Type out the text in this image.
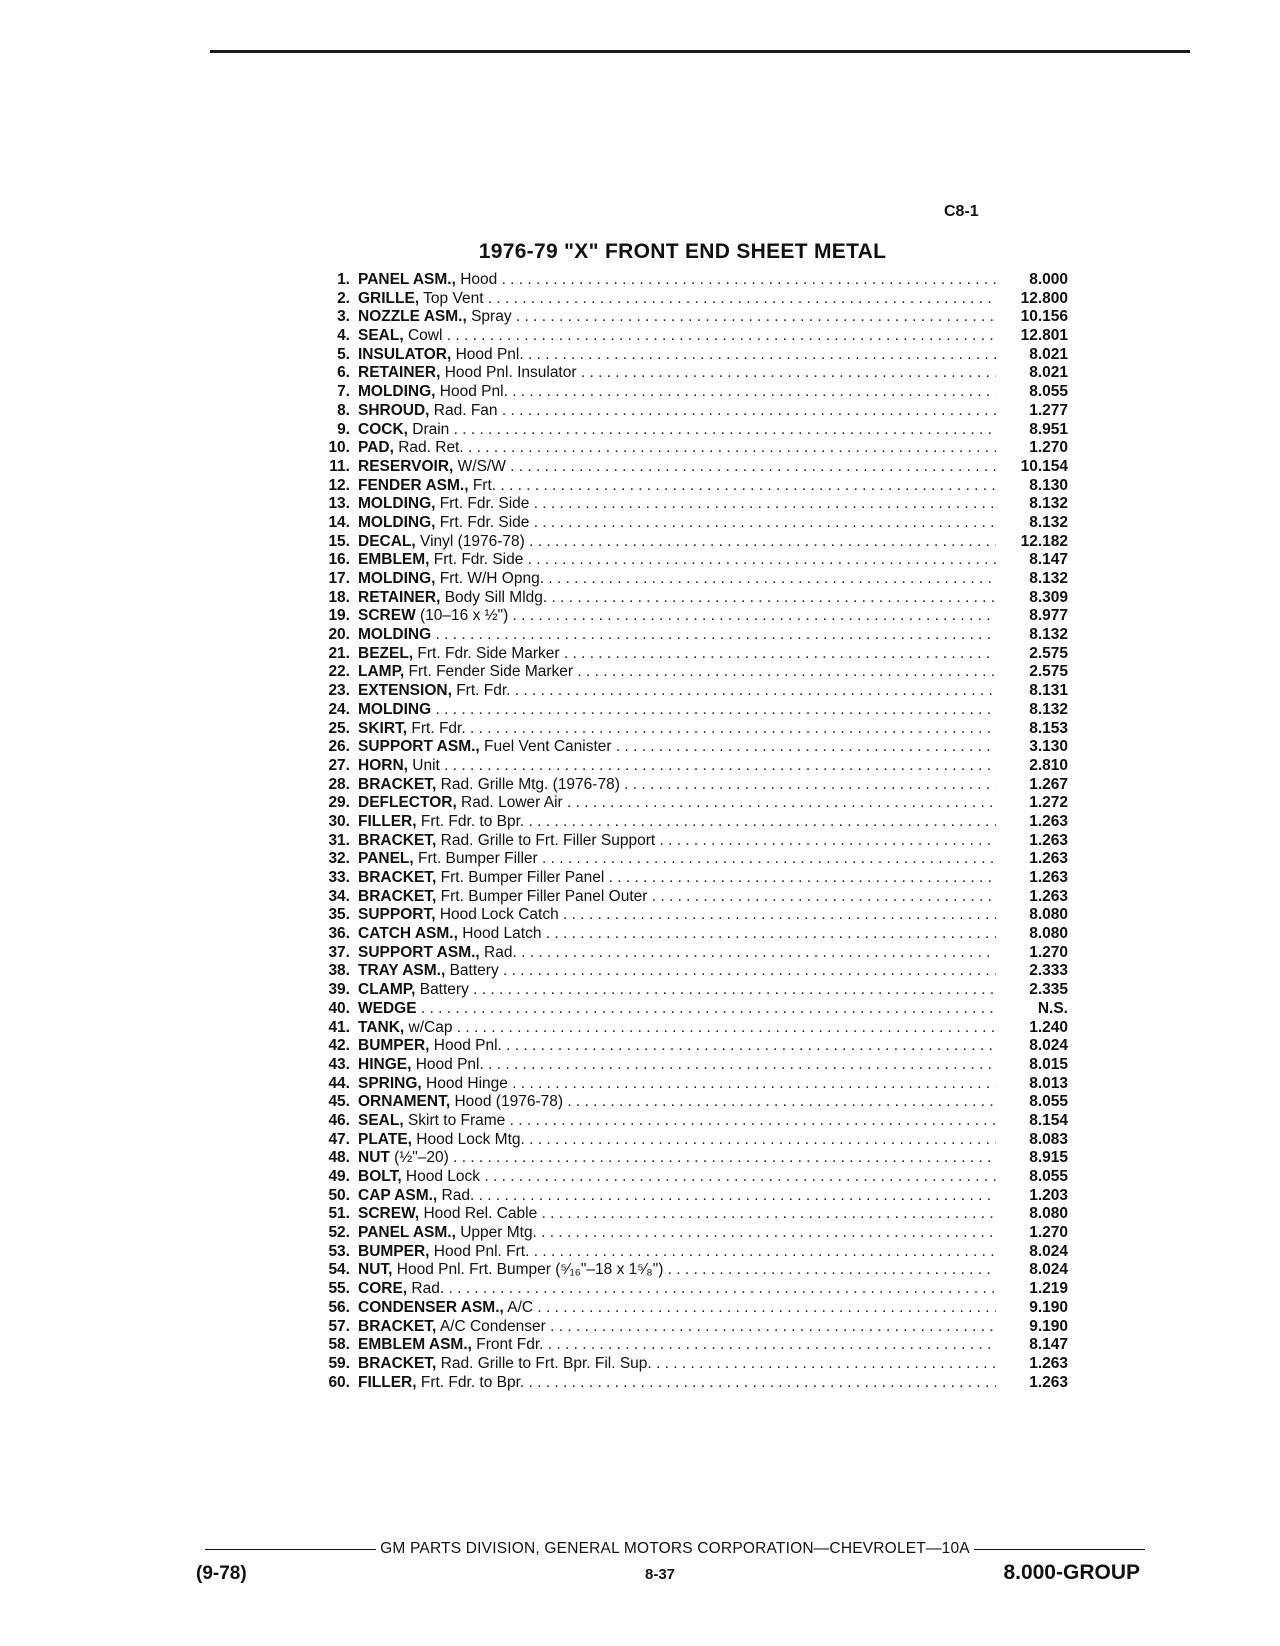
C8-1
1976-79 "X" FRONT END SHEET METAL
1. PANEL ASM., Hood . . .	8.000
2. GRILLE, Top Vent . . .	12.800
3. NOZZLE ASM., Spray . . .	10.156
4. SEAL, Cowl . . .	12.801
5. INSULATOR, Hood Pnl. . . .	8.021
6. RETAINER, Hood Pnl. Insulator . . .	8.021
7. MOLDING, Hood Pnl. . . .	8.055
8. SHROUD, Rad. Fan . . .	1.277
9. COCK, Drain . . .	8.951
10. PAD, Rad. Ret. . . .	1.270
11. RESERVOIR, W/S/W . . .	10.154
12. FENDER ASM., Frt. . . .	8.130
13. MOLDING, Frt. Fdr. Side . . .	8.132
14. MOLDING, Frt. Fdr. Side . . .	8.132
15. DECAL, Vinyl (1976-78) . . .	12.182
16. EMBLEM, Frt. Fdr. Side . . .	8.147
17. MOLDING, Frt. W/H Opng. . . .	8.132
18. RETAINER, Body Sill Mldg. . . .	8.309
19. SCREW (10–16 x ½") . . .	8.977
20. MOLDING . . .	8.132
21. BEZEL, Frt. Fdr. Side Marker . . .	2.575
22. LAMP, Frt. Fender Side Marker . . .	2.575
23. EXTENSION, Frt. Fdr. . . .	8.131
24. MOLDING . . .	8.132
25. SKIRT, Frt. Fdr. . . .	8.153
26. SUPPORT ASM., Fuel Vent Canister . . .	3.130
27. HORN, Unit . . .	2.810
28. BRACKET, Rad. Grille Mtg. (1976-78) . . .	1.267
29. DEFLECTOR, Rad. Lower Air . . .	1.272
30. FILLER, Frt. Fdr. to Bpr. . . .	1.263
31. BRACKET, Rad. Grille to Frt. Filler Support . . .	1.263
32. PANEL, Frt. Bumper Filler . . .	1.263
33. BRACKET, Frt. Bumper Filler Panel . . .	1.263
34. BRACKET, Frt. Bumper Filler Panel Outer . . .	1.263
35. SUPPORT, Hood Lock Catch . . .	8.080
36. CATCH ASM., Hood Latch . . .	8.080
37. SUPPORT ASM., Rad. . . .	1.270
38. TRAY ASM., Battery . . .	2.333
39. CLAMP, Battery . . .	2.335
40. WEDGE . . .	N.S.
41. TANK, w/Cap . . .	1.240
42. BUMPER, Hood Pnl. . . .	8.024
43. HINGE, Hood Pnl. . . .	8.015
44. SPRING, Hood Hinge . . .	8.013
45. ORNAMENT, Hood (1976-78) . . .	8.055
46. SEAL, Skirt to Frame . . .	8.154
47. PLATE, Hood Lock Mtg. . . .	8.083
48. NUT (½"–20) . . .	8.915
49. BOLT, Hood Lock . . .	8.055
50. CAP ASM., Rad. . . .	1.203
51. SCREW, Hood Rel. Cable . . .	8.080
52. PANEL ASM., Upper Mtg. . . .	1.270
53. BUMPER, Hood Pnl. Frt. . . .	8.024
54. NUT, Hood Pnl. Frt. Bumper (⁵⁄₁₆"–18 x 1⁵⁄₈") . . .	8.024
55. CORE, Rad. . . .	1.219
56. CONDENSER ASM., A/C . . .	9.190
57. BRACKET, A/C Condenser . . .	9.190
58. EMBLEM ASM., Front Fdr. . . .	8.147
59. BRACKET, Rad. Grille to Frt. Bpr. Fil. Sup. . . .	1.263
60. FILLER, Frt. Fdr. to Bpr. . . .	1.263
GM PARTS DIVISION, GENERAL MOTORS CORPORATION—CHEVROLET—10A
(9-78)	8-37	8.000-GROUP
